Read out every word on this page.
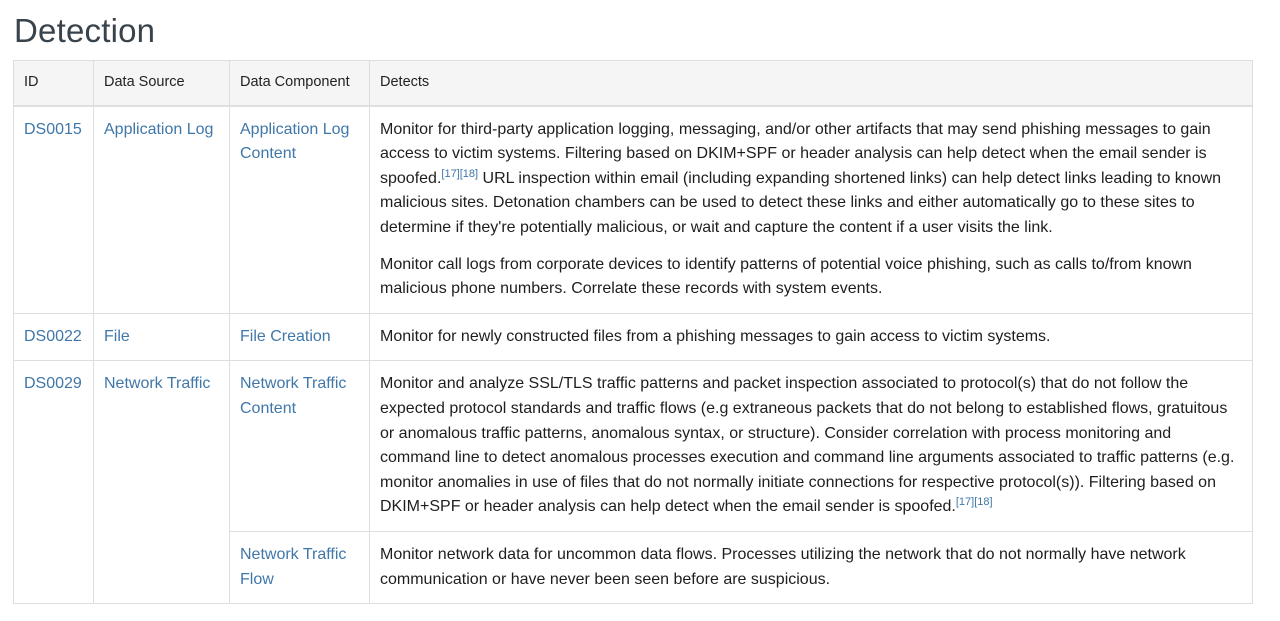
Detection
ID	Data Source	Data Component	Detects
DS0015	Application Log	Application Log Content	Monitor for third-party application logging, messaging, and/or other artifacts that may send phishing messages to gain access to victim systems. Filtering based on DKIM+SPF or header analysis can help detect when the email sender is spoofed.[17][18] URL inspection within email (including expanding shortened links) can help detect links leading to known malicious sites. Detonation chambers can be used to detect these links and either automatically go to these sites to determine if they're potentially malicious, or wait and capture the content if a user visits the link.

Monitor call logs from corporate devices to identify patterns of potential voice phishing, such as calls to/from known malicious phone numbers. Correlate these records with system events.

DS0022	File	File Creation	Monitor for newly constructed files from a phishing messages to gain access to victim systems.

DS0029	Network Traffic	Network Traffic Content	Monitor and analyze SSL/TLS traffic patterns and packet inspection associated to protocol(s) that do not follow the expected protocol standards and traffic flows (e.g extraneous packets that do not belong to established flows, gratuitous or anomalous traffic patterns, anomalous syntax, or structure). Consider correlation with process monitoring and command line to detect anomalous processes execution and command line arguments associated to traffic patterns (e.g. monitor anomalies in use of files that do not normally initiate connections for respective protocol(s)). Filtering based on DKIM+SPF or header analysis can help detect when the email sender is spoofed.[17][18]

		Network Traffic Flow	Monitor network data for uncommon data flows. Processes utilizing the network that do not normally have network communication or have never been seen before are suspicious.
